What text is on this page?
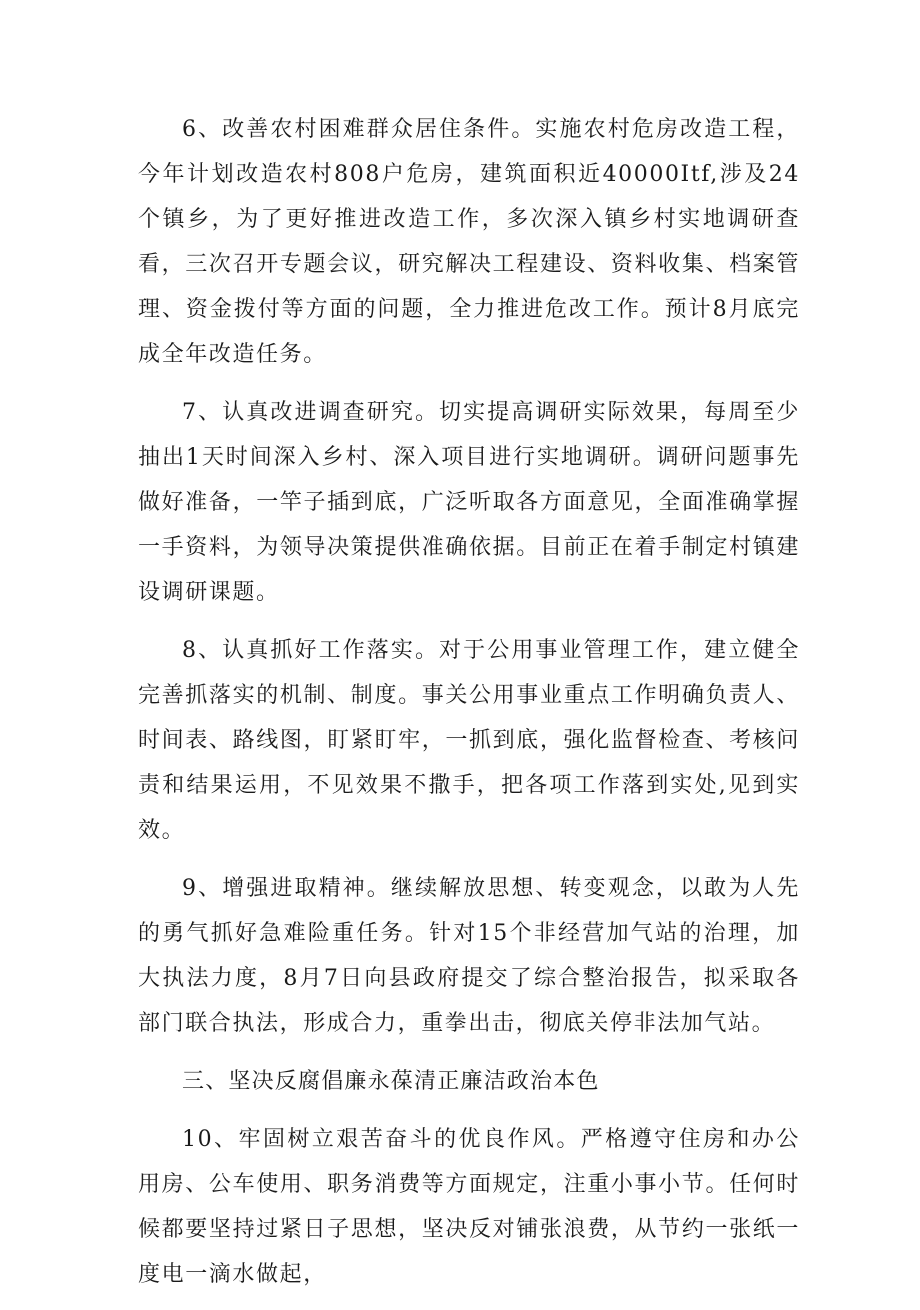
6、改善农村困难群众居住条件。实施农村危房改造工程，今年计划改造农村808户危房，建筑面积近40000Itf,涉及24个镇乡，为了更好推进改造工作，多次深入镇乡村实地调研查看，三次召开专题会议，研究解决工程建设、资料收集、档案管理、资金拨付等方面的问题，全力推进危改工作。预计8月底完成全年改造任务。

7、认真改进调查研究。切实提高调研实际效果，每周至少抽出1天时间深入乡村、深入项目进行实地调研。调研问题事先做好准备，一竿子插到底，广泛听取各方面意见，全面准确掌握一手资料，为领导决策提供准确依据。目前正在着手制定村镇建设调研课题。

8、认真抓好工作落实。对于公用事业管理工作，建立健全完善抓落实的机制、制度。事关公用事业重点工作明确负责人、时间表、路线图，盯紧盯牢，一抓到底，强化监督检查、考核问责和结果运用，不见效果不撒手，把各项工作落到实处,见到实效。

9、增强进取精神。继续解放思想、转变观念，以敢为人先的勇气抓好急难险重任务。针对15个非经营加气站的治理，加大执法力度，8月7日向县政府提交了综合整治报告，拟采取各部门联合执法，形成合力，重拳出击，彻底关停非法加气站。

三、坚决反腐倡廉永葆清正廉洁政治本色

10、牢固树立艰苦奋斗的优良作风。严格遵守住房和办公用房、公车使用、职务消费等方面规定，注重小事小节。任何时候都要坚持过紧日子思想，坚决反对铺张浪费，从节约一张纸一度电一滴水做起，
